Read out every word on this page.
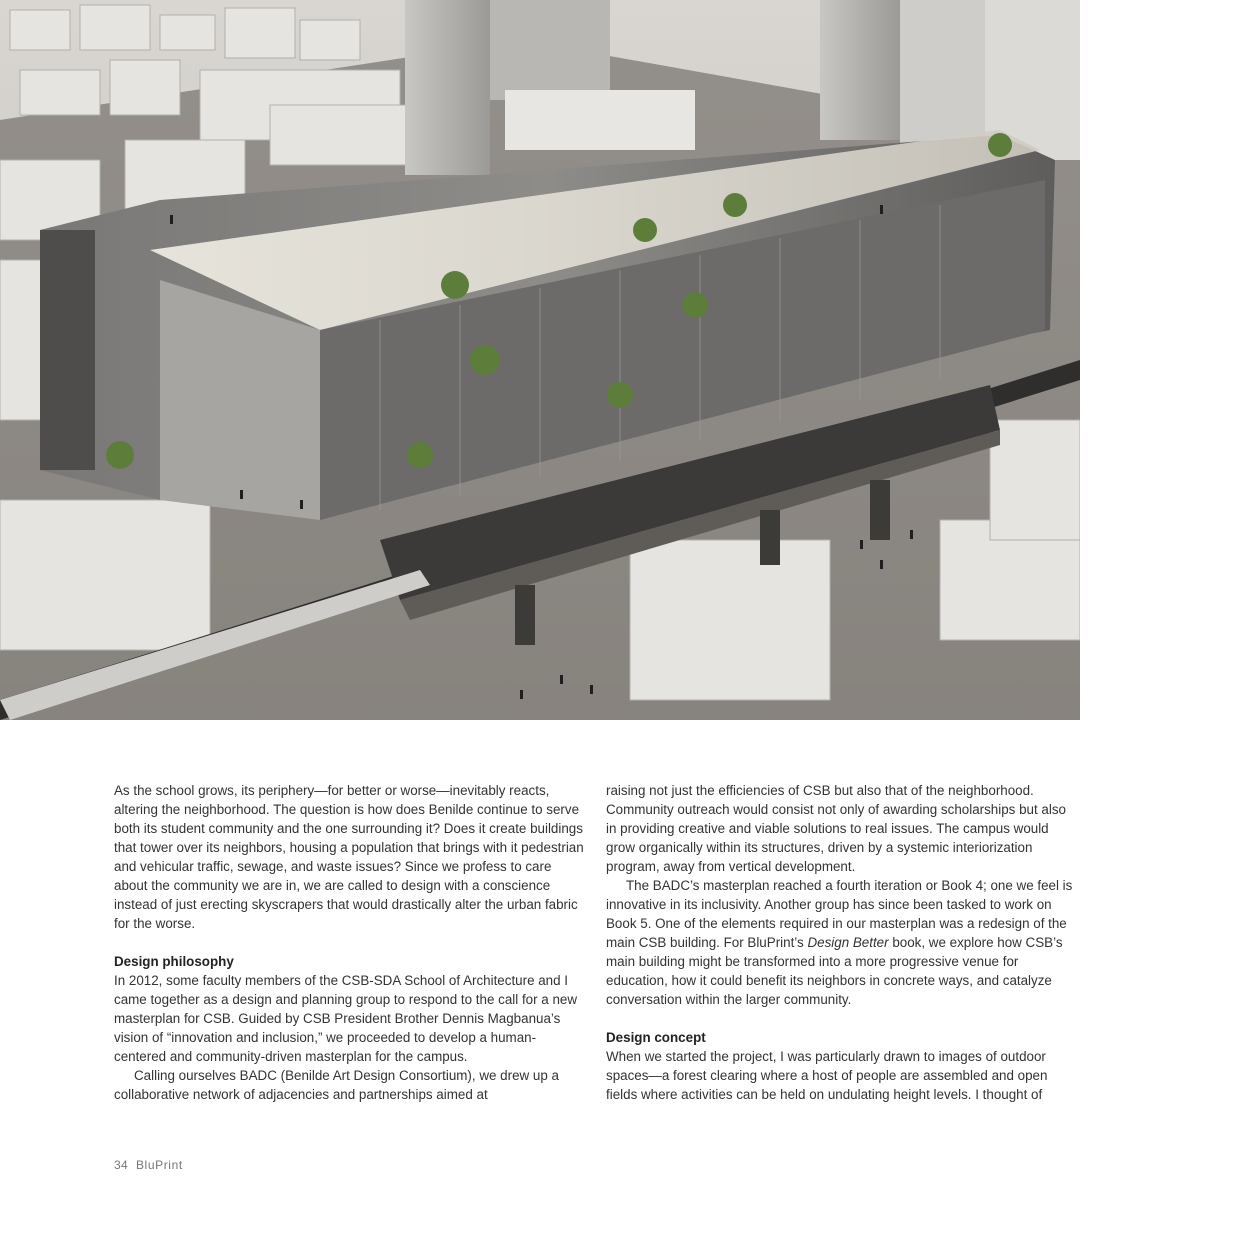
As the school grows, its periphery—for better or worse—inevitably reacts, altering the neighborhood. The question is how does Benilde continue to serve both its student community and the one surrounding it? Does it create buildings that tower over its neighbors, housing a population that brings with it pedestrian and vehicular traffic, sewage, and waste issues? Since we profess to care about the community we are in, we are called to design with a conscience instead of just erecting skyscrapers that would drastically alter the urban fabric for the worse.

Design philosophy

In 2012, some faculty members of the CSB-SDA School of Architecture and I came together as a design and planning group to respond to the call for a new masterplan for CSB. Guided by CSB President Brother Dennis Magbanua’s vision of “innovation and inclusion,” we proceeded to develop a human-centered and community-driven masterplan for the campus.

Calling ourselves BADC (Benilde Art Design Consortium), we drew up a collaborative network of adjacencies and partnerships aimed at

raising not just the efficiencies of CSB but also that of the neighborhood. Community outreach would consist not only of awarding scholarships but also in providing creative and viable solutions to real issues. The campus would grow organically within its structures, driven by a systemic interiorization program, away from vertical development.

The BADC’s masterplan reached a fourth iteration or Book 4; one we feel is innovative in its inclusivity. Another group has since been tasked to work on Book 5. One of the elements required in our masterplan was a redesign of the main CSB building. For BluPrint’s Design Better book, we explore how CSB’s main building might be transformed into a more progressive venue for education, how it could benefit its neighbors in concrete ways, and catalyze conversation within the larger community.

Design concept

When we started the project, I was particularly drawn to images of outdoor spaces—a forest clearing where a host of people are assembled and open fields where activities can be held on undulating height levels. I thought of

34 BluPrint
